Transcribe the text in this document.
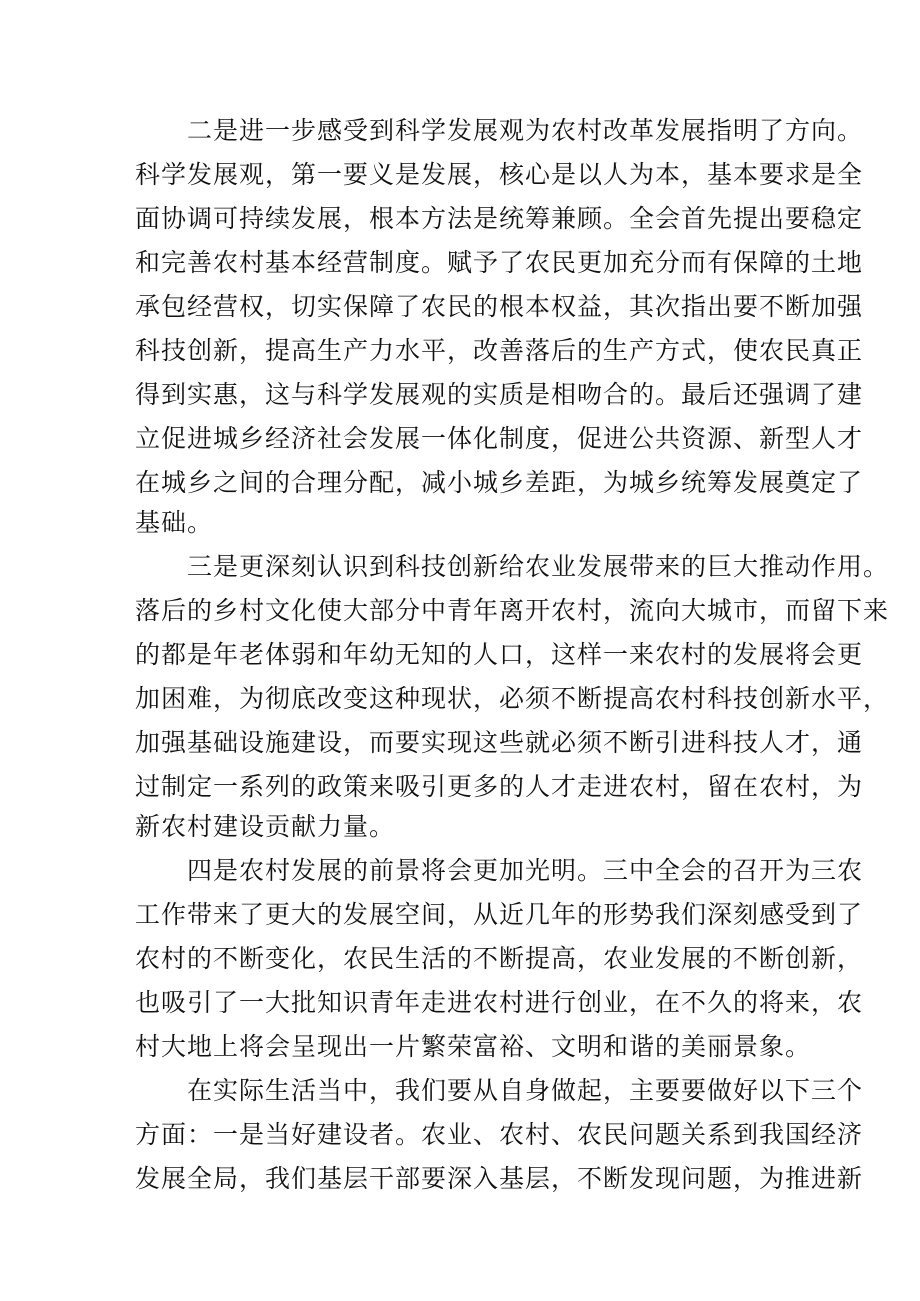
二是进一步感受到科学发展观为农村改革发展指明了方向。

科学发展观，第一要义是发展，核心是以人为本，基本要求是全

面协调可持续发展，根本方法是统筹兼顾。全会首先提出要稳定

和完善农村基本经营制度。赋予了农民更加充分而有保障的土地

承包经营权，切实保障了农民的根本权益，其次指出要不断加强

科技创新，提高生产力水平，改善落后的生产方式，使农民真正

得到实惠，这与科学发展观的实质是相吻合的。最后还强调了建

立促进城乡经济社会发展一体化制度，促进公共资源、新型人才

在城乡之间的合理分配，减小城乡差距，为城乡统筹发展奠定了

基础。

三是更深刻认识到科技创新给农业发展带来的巨大推动作用。

落后的乡村文化使大部分中青年离开农村，流向大城市，而留下来

的都是年老体弱和年幼无知的人口，这样一来农村的发展将会更

加困难，为彻底改变这种现状，必须不断提高农村科技创新水平，

加强基础设施建设，而要实现这些就必须不断引进科技人才，通

过制定一系列的政策来吸引更多的人才走进农村，留在农村，为

新农村建设贡献力量。

四是农村发展的前景将会更加光明。三中全会的召开为三农

工作带来了更大的发展空间，从近几年的形势我们深刻感受到了

农村的不断变化，农民生活的不断提高，农业发展的不断创新，

也吸引了一大批知识青年走进农村进行创业，在不久的将来，农

村大地上将会呈现出一片繁荣富裕、文明和谐的美丽景象。

在实际生活当中，我们要从自身做起，主要要做好以下三个

方面：一是当好建设者。农业、农村、农民问题关系到我国经济

发展全局，我们基层干部要深入基层，不断发现问题，为推进新
